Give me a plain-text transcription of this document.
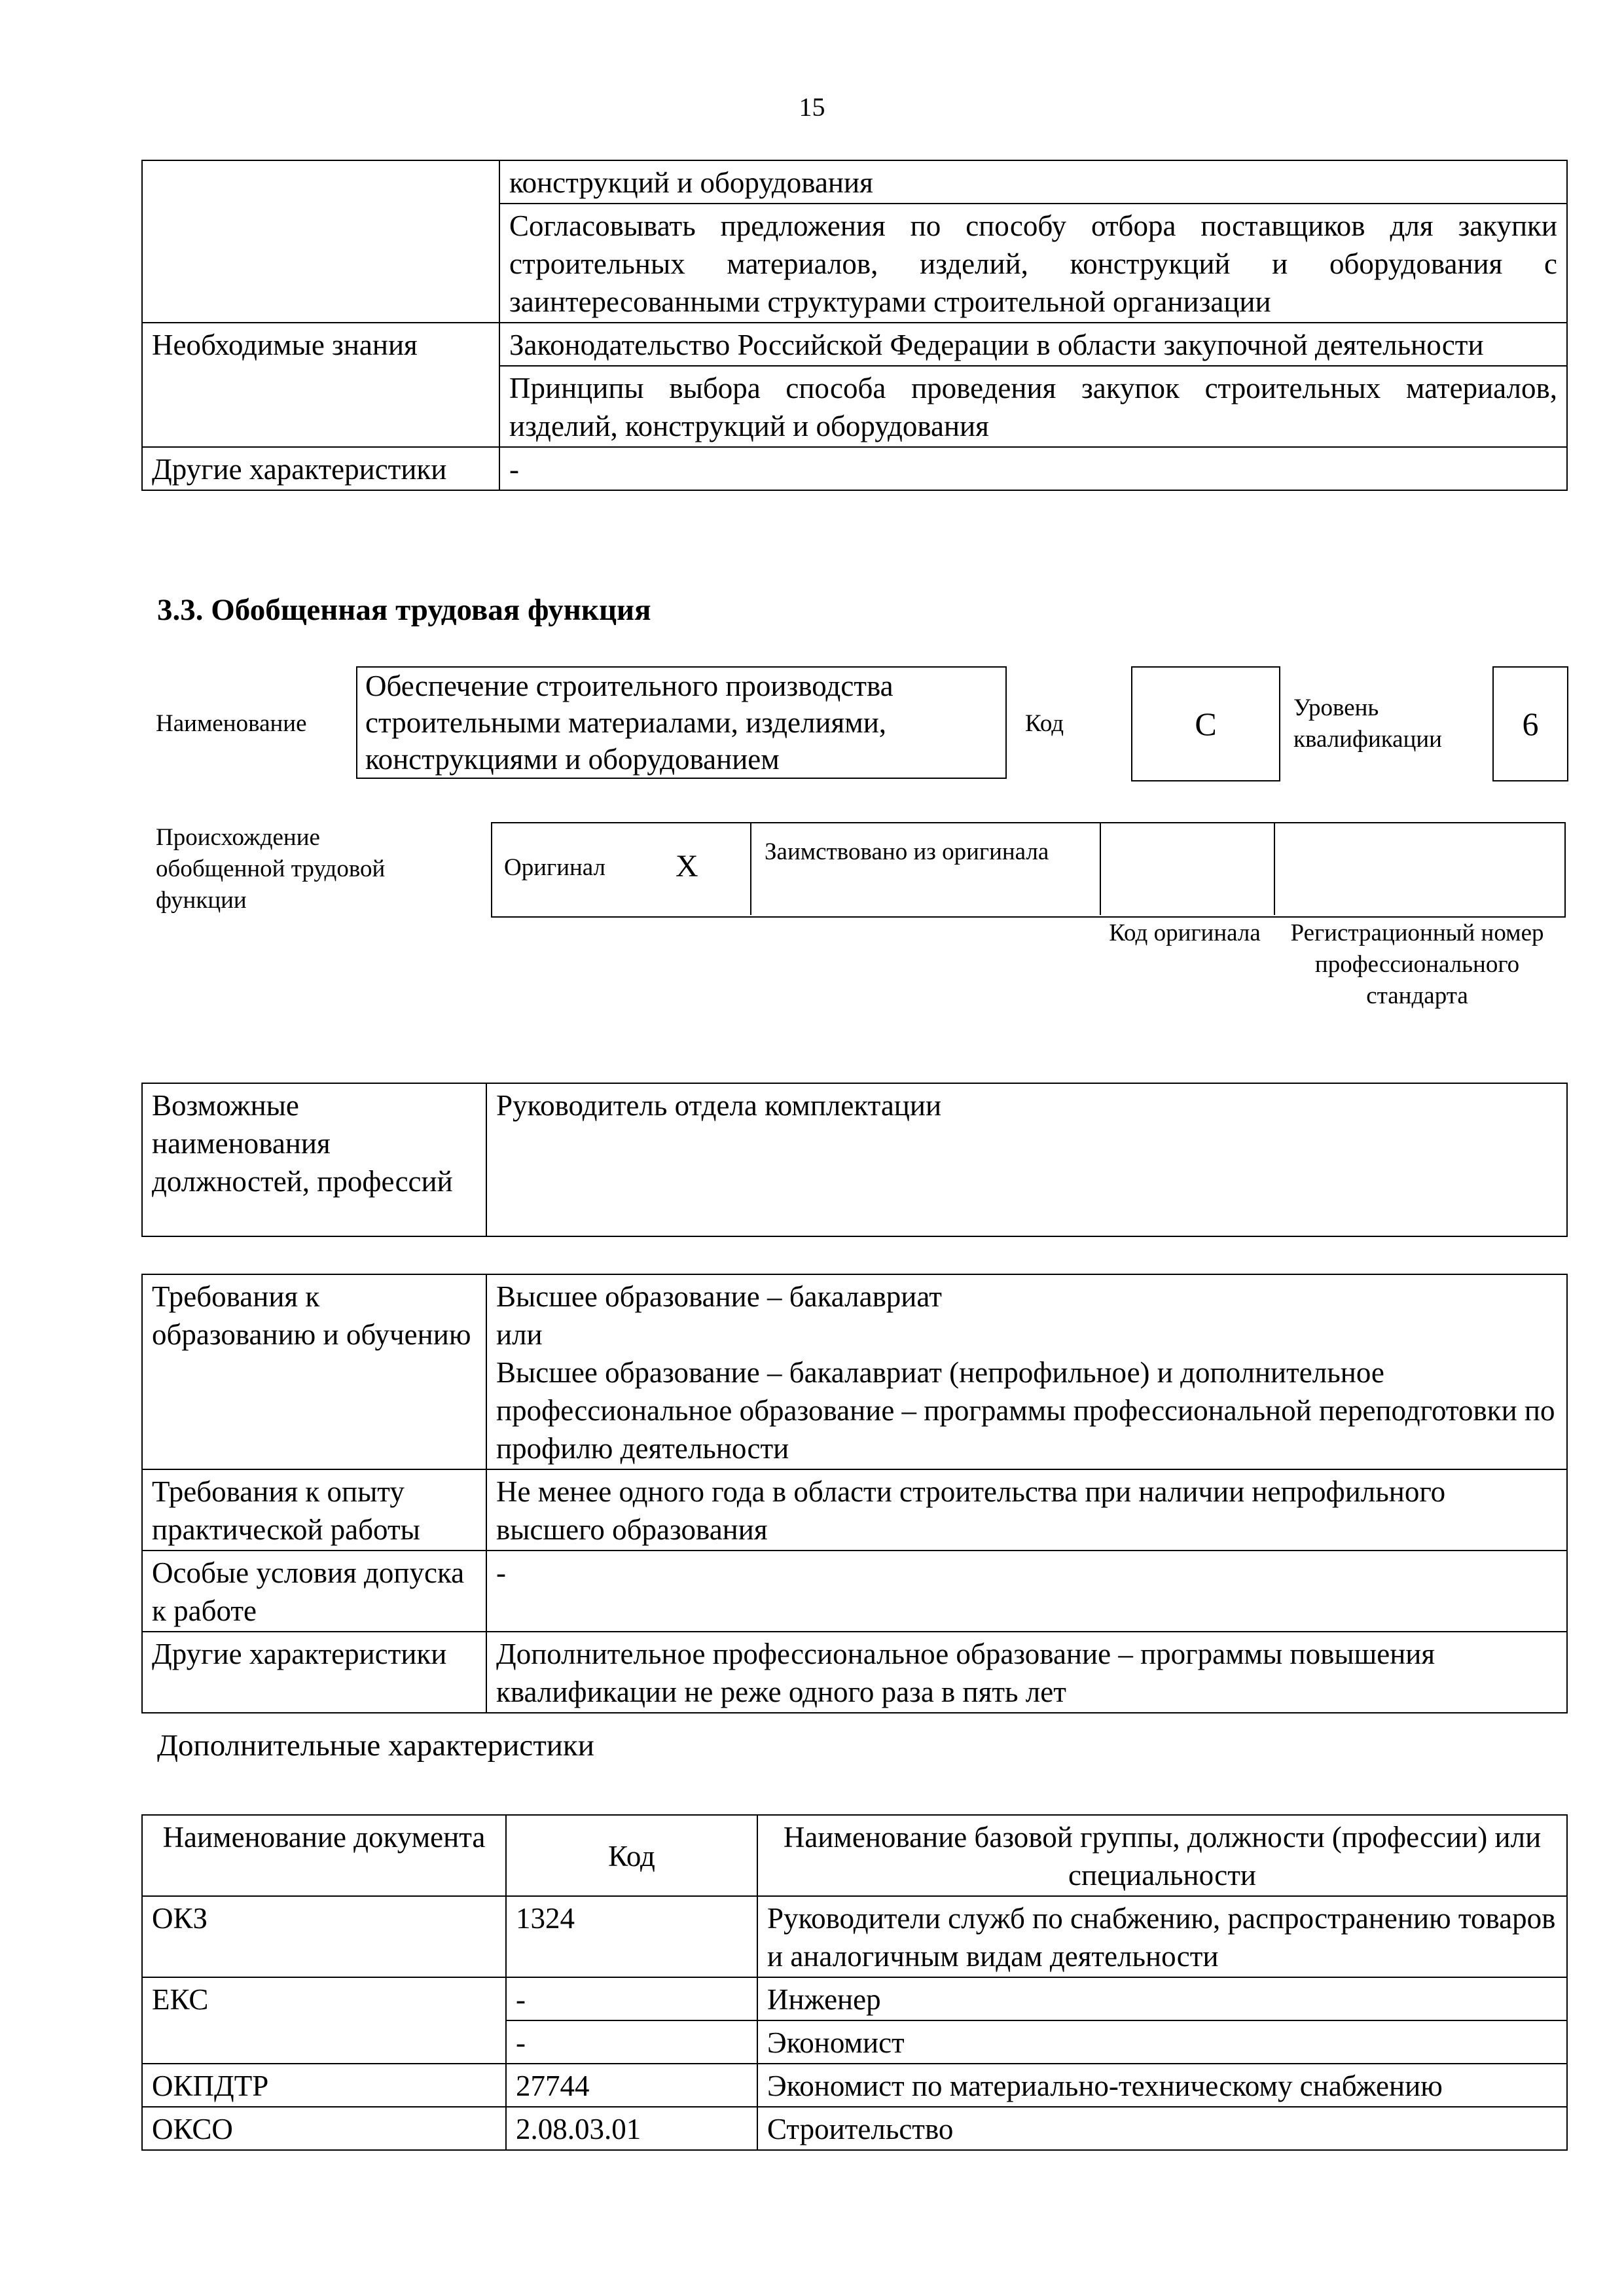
15
	конструкций и оборудования
	Согласовывать предложения по способу отбора поставщиков для закупки строительных материалов, изделий, конструкций и оборудования с заинтересованными структурами строительной организации
Необходимые знания	Законодательство Российской Федерации в области закупочной деятельности
	Принципы выбора способа проведения закупок строительных материалов, изделий, конструкций и оборудования
Другие характеристики	-
3.3. Обобщенная трудовая функция
Наименование
Обеспечение строительного производства строительными материалами, изделиями, конструкциями и оборудованием
Код	C	Уровень квалификации	6
Происхождение обобщенной трудовой функции
Оригинал X	Заимствовано из оригинала
Код оригинала	Регистрационный номер профессионального стандарта
Возможные наименования должностей, профессий	Руководитель отдела комплектации
Требования к образованию и обучению	Высшее образование – бакалавриат
или
Высшее образование – бакалавриат (непрофильное) и дополнительное профессиональное образование – программы профессиональной переподготовки по профилю деятельности

Требования к опыту практической работы	Не менее одного года в области строительства при наличии непрофильного высшего образования
Особые условия допуска к работе	-
Другие характеристики	Дополнительное профессиональное образование – программы повышения квалификации не реже одного раза в пять лет
Дополнительные характеристики
Наименование документа	Код	Наименование базовой группы, должности (профессии) или специальности
ОКЗ	1324	Руководители служб по снабжению, распространению товаров и аналогичным видам деятельности
ЕКС	-	Инженер
	-	Экономист
ОКПДТР	27744	Экономист по материально-техническому снабжению
ОКСО	2.08.03.01	Строительство
